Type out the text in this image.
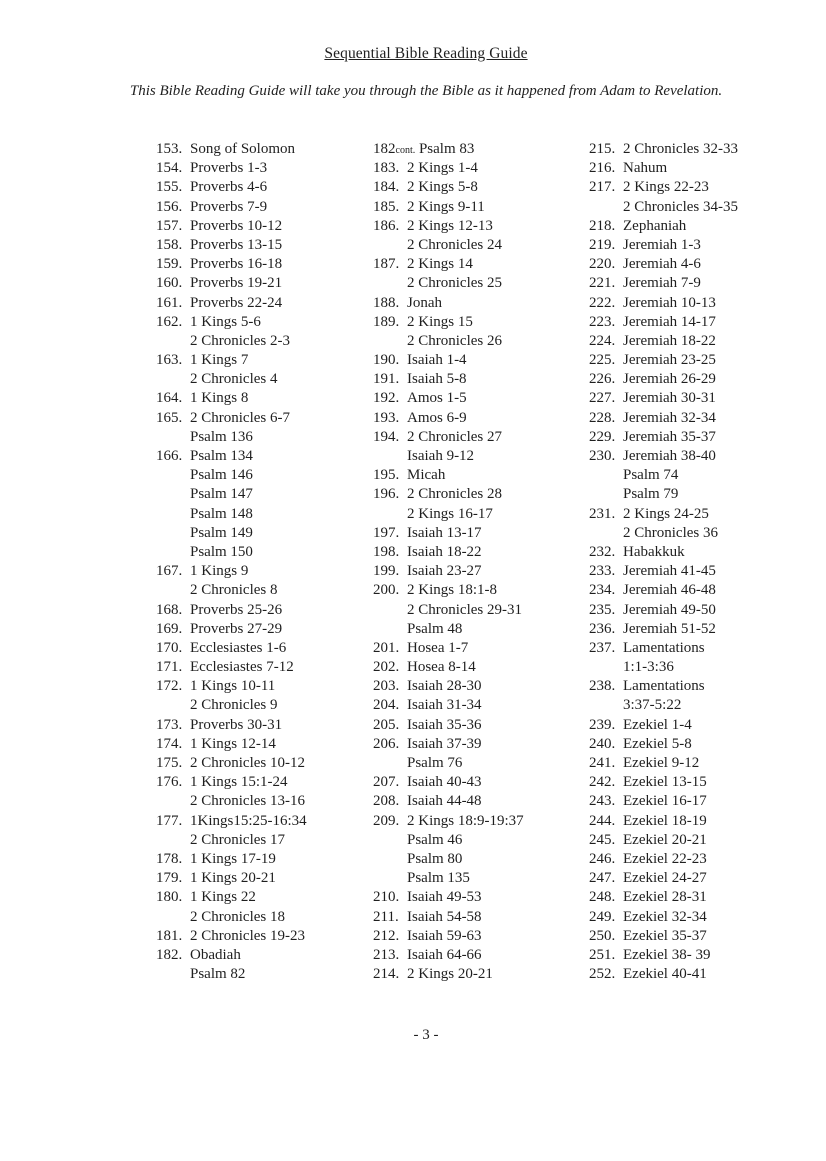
Sequential Bible Reading Guide
This Bible Reading Guide will take you through the Bible as it happened from Adam to Revelation.
153. Song of Solomon
154. Proverbs 1-3
155. Proverbs 4-6
156. Proverbs 7-9
157. Proverbs 10-12
158. Proverbs 13-15
159. Proverbs 16-18
160. Proverbs 19-21
161. Proverbs 22-24
162. 1 Kings 5-6
2 Chronicles 2-3
163. 1 Kings 7
2 Chronicles 4
164. 1 Kings 8
165. 2 Chronicles 6-7
Psalm 136
166. Psalm 134
Psalm 146
Psalm 147
Psalm 148
Psalm 149
Psalm 150
167. 1 Kings 9
2 Chronicles 8
168. Proverbs 25-26
169. Proverbs 27-29
170. Ecclesiastes 1-6
171. Ecclesiastes 7-12
172. 1 Kings 10-11
2 Chronicles 9
173. Proverbs 30-31
174. 1 Kings 12-14
175. 2 Chronicles 10-12
176. 1 Kings 15:1-24
2 Chronicles 13-16
177. 1Kings15:25-16:34
2 Chronicles 17
178. 1 Kings 17-19
179. 1 Kings 20-21
180. 1 Kings 22
2 Chronicles 18
181. 2 Chronicles 19-23
182. Obadiah
Psalm 82
182cont. Psalm 83
183. 2 Kings 1-4
184. 2 Kings 5-8
185. 2 Kings 9-11
186. 2 Kings 12-13
2 Chronicles 24
187. 2 Kings 14
2 Chronicles 25
188. Jonah
189. 2 Kings 15
2 Chronicles 26
190. Isaiah 1-4
191. Isaiah 5-8
192. Amos 1-5
193. Amos 6-9
194. 2 Chronicles 27
Isaiah 9-12
195. Micah
196. 2 Chronicles 28
2 Kings 16-17
197. Isaiah 13-17
198. Isaiah 18-22
199. Isaiah 23-27
200. 2 Kings 18:1-8
2 Chronicles 29-31
Psalm 48
201. Hosea 1-7
202. Hosea 8-14
203. Isaiah 28-30
204. Isaiah 31-34
205. Isaiah 35-36
206. Isaiah 37-39
Psalm 76
207. Isaiah 40-43
208. Isaiah 44-48
209. 2 Kings 18:9-19:37
Psalm 46
Psalm 80
Psalm 135
210. Isaiah 49-53
211. Isaiah 54-58
212. Isaiah 59-63
213. Isaiah 64-66
214. 2 Kings 20-21
215. 2 Chronicles 32-33
216. Nahum
217. 2 Kings 22-23
2 Chronicles 34-35
218. Zephaniah
219. Jeremiah 1-3
220. Jeremiah 4-6
221. Jeremiah 7-9
222. Jeremiah 10-13
223. Jeremiah 14-17
224. Jeremiah 18-22
225. Jeremiah 23-25
226. Jeremiah 26-29
227. Jeremiah 30-31
228. Jeremiah 32-34
229. Jeremiah 35-37
230. Jeremiah 38-40
Psalm 74
Psalm 79
231. 2 Kings 24-25
2 Chronicles 36
232. Habakkuk
233. Jeremiah 41-45
234. Jeremiah 46-48
235. Jeremiah 49-50
236. Jeremiah 51-52
237. Lamentations
1:1-3:36
238. Lamentations
3:37-5:22
239. Ezekiel 1-4
240. Ezekiel 5-8
241. Ezekiel 9-12
242. Ezekiel 13-15
243. Ezekiel 16-17
244. Ezekiel 18-19
245. Ezekiel 20-21
246. Ezekiel 22-23
247. Ezekiel 24-27
248. Ezekiel 28-31
249. Ezekiel 32-34
250. Ezekiel 35-37
251. Ezekiel 38- 39
252. Ezekiel 40-41
- 3 -
